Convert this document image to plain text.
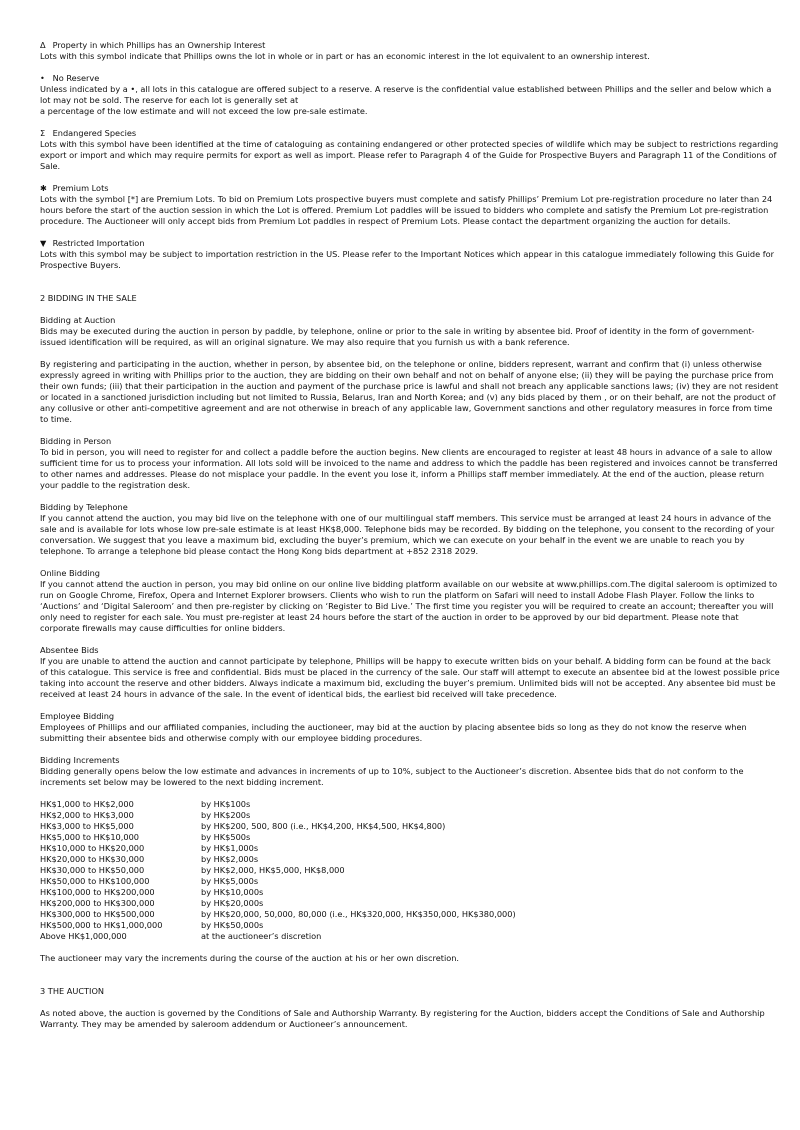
Δ Property in which Phillips has an Ownership Interest

Lots with this symbol indicate that Phillips owns the lot in whole or in part or has an economic interest in the lot equivalent to an ownership interest.

• No Reserve

Unless indicated by a •, all lots in this catalogue are offered subject to a reserve. A reserve is the confidential value established between Phillips and the seller and below which a lot may not be sold. The reserve for each lot is generally set at

a percentage of the low estimate and will not exceed the low pre-sale estimate.

Σ Endangered Species

Lots with this symbol have been identified at the time of cataloguing as containing endangered or other protected species of wildlife which may be subject to restrictions regarding export or import and which may require permits for export as well as import. Please refer to Paragraph 4 of the Guide for Prospective Buyers and Paragraph 11 of the Conditions of Sale.

✱ Premium Lots

Lots with the symbol [*] are Premium Lots. To bid on Premium Lots prospective buyers must complete and satisfy Phillips’ Premium Lot pre-registration procedure no later than 24 hours before the start of the auction session in which the Lot is offered. Premium Lot paddles will be issued to bidders who complete and satisfy the Premium Lot pre-registration procedure. The Auctioneer will only accept bids from Premium Lot paddles in respect of Premium Lots. Please contact the department organizing the auction for details.

▼ Restricted Importation

Lots with this symbol may be subject to importation restriction in the US. Please refer to the Important Notices which appear in this catalogue immediately following this Guide for Prospective Buyers.

2 BIDDING IN THE SALE

Bidding at Auction

Bids may be executed during the auction in person by paddle, by telephone, online or prior to the sale in writing by absentee bid. Proof of identity in the form of government-issued identification will be required, as will an original signature. We may also require that you furnish us with a bank reference.

By registering and participating in the auction, whether in person, by absentee bid, on the telephone or online, bidders represent, warrant and confirm that (i) unless otherwise expressly agreed in writing with Phillips prior to the auction, they are bidding on their own behalf and not on behalf of anyone else; (ii) they will be paying the purchase price from their own funds; (iii) that their participation in the auction and payment of the purchase price is lawful and shall not breach any applicable sanctions laws; (iv) they are not resident or located in a sanctioned jurisdiction including but not limited to Russia, Belarus, Iran and North Korea; and (v) any bids placed by them , or on their behalf, are not the product of any collusive or other anti-competitive agreement and are not otherwise in breach of any applicable law, Government sanctions and other regulatory measures in force from time to time.

Bidding in Person

To bid in person, you will need to register for and collect a paddle before the auction begins. New clients are encouraged to register at least 48 hours in advance of a sale to allow sufficient time for us to process your information. All lots sold will be invoiced to the name and address to which the paddle has been registered and invoices cannot be transferred to other names and addresses. Please do not misplace your paddle. In the event you lose it, inform a Phillips staff member immediately. At the end of the auction, please return your paddle to the registration desk.

Bidding by Telephone

If you cannot attend the auction, you may bid live on the telephone with one of our multilingual staff members. This service must be arranged at least 24 hours in advance of the sale and is available for lots whose low pre-sale estimate is at least HK$8,000. Telephone bids may be recorded. By bidding on the telephone, you consent to the recording of your conversation. We suggest that you leave a maximum bid, excluding the buyer’s premium, which we can execute on your behalf in the event we are unable to reach you by telephone. To arrange a telephone bid please contact the Hong Kong bids department at +852 2318 2029.

Online Bidding

If you cannot attend the auction in person, you may bid online on our online live bidding platform available on our website at www.phillips.com.The digital saleroom is optimized to run on Google Chrome, Firefox, Opera and Internet Explorer browsers. Clients who wish to run the platform on Safari will need to install Adobe Flash Player. Follow the links to ‘Auctions’ and ‘Digital Saleroom’ and then pre-register by clicking on ‘Register to Bid Live.’ The first time you register you will be required to create an account; thereafter you will only need to register for each sale. You must pre-register at least 24 hours before the start of the auction in order to be approved by our bid department. Please note that corporate firewalls may cause difficulties for online bidders.

Absentee Bids

If you are unable to attend the auction and cannot participate by telephone, Phillips will be happy to execute written bids on your behalf. A bidding form can be found at the back of this catalogue. This service is free and confidential. Bids must be placed in the currency of the sale. Our staff will attempt to execute an absentee bid at the lowest possible price taking into account the reserve and other bidders. Always indicate a maximum bid, excluding the buyer’s premium. Unlimited bids will not be accepted. Any absentee bid must be received at least 24 hours in advance of the sale. In the event of identical bids, the earliest bid received will take precedence.

Employee Bidding

Employees of Phillips and our affiliated companies, including the auctioneer, may bid at the auction by placing absentee bids so long as they do not know the reserve when submitting their absentee bids and otherwise comply with our employee bidding procedures.

Bidding Increments

Bidding generally opens below the low estimate and advances in increments of up to 10%, subject to the Auctioneer’s discretion. Absentee bids that do not conform to the increments set below may be lowered to the next bidding increment.

HK$1,000 to HK$2,000	by HK$100s
HK$2,000 to HK$3,000	by HK$200s
HK$3,000 to HK$5,000	by HK$200, 500, 800 (i.e., HK$4,200, HK$4,500, HK$4,800)
HK$5,000 to HK$10,000	by HK$500s
HK$10,000 to HK$20,000	by HK$1,000s
HK$20,000 to HK$30,000	by HK$2,000s
HK$30,000 to HK$50,000	by HK$2,000, HK$5,000, HK$8,000
HK$50,000 to HK$100,000	by HK$5,000s
HK$100,000 to HK$200,000	by HK$10,000s
HK$200,000 to HK$300,000	by HK$20,000s
HK$300,000 to HK$500,000	by HK$20,000, 50,000, 80,000 (i.e., HK$320,000, HK$350,000, HK$380,000)
HK$500,000 to HK$1,000,000	by HK$50,000s
Above HK$1,000,000	at the auctioneer’s discretion

The auctioneer may vary the increments during the course of the auction at his or her own discretion.

3 THE AUCTION

As noted above, the auction is governed by the Conditions of Sale and Authorship Warranty. By registering for the Auction, bidders accept the Conditions of Sale and Authorship Warranty. They may be amended by saleroom addendum or Auctioneer’s announcement.
